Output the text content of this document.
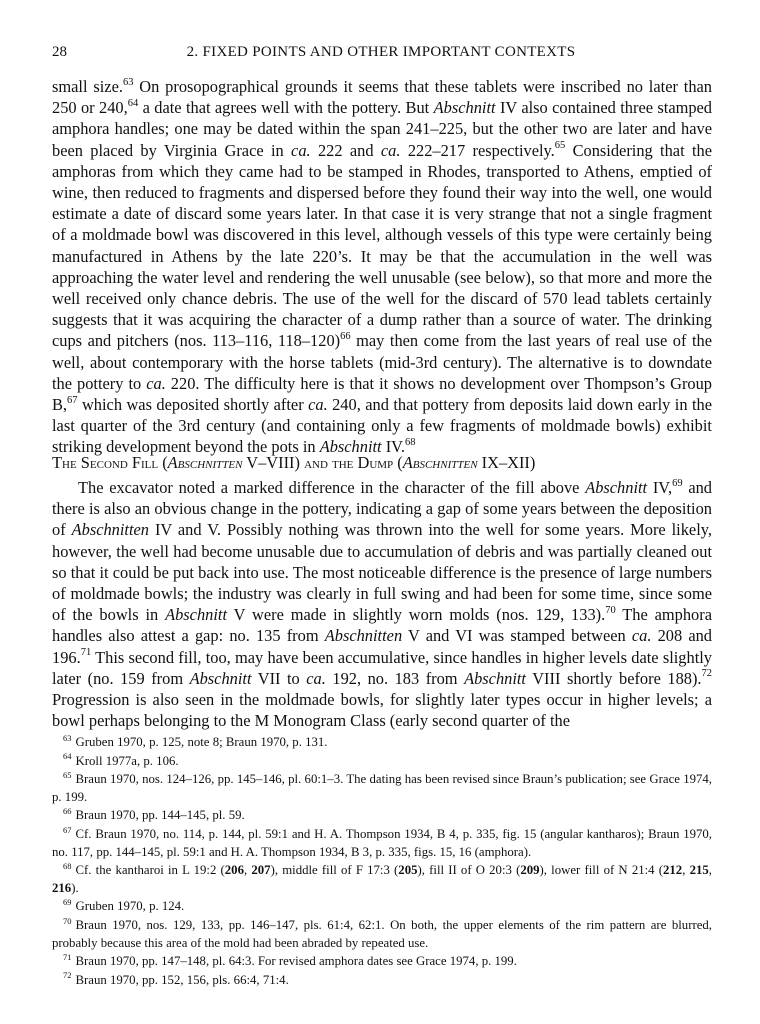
28	2. FIXED POINTS AND OTHER IMPORTANT CONTEXTS

small size.$^{63}$ On prosopographical grounds it seems that these tablets were inscribed no later than 250 or 240,64 a date that agrees well with the pottery. But Abschnitt IV also contained three stamped amphora handles; one may be dated within the span 241–225, but the other two are later and have been placed by Virginia Grace in ca. 222 and ca. 222–217 respectively.$^{65}$ Considering that the amphoras from which they came had to be stamped in Rhodes, transported to Athens, emptied of wine, then reduced to fragments and dispersed before they found their way into the well, one would estimate a date of discard some years later. In that case it is very strange that not a single fragment of a moldmade bowl was discovered in this level, although vessels of this type were certainly being manufactured in Athens by the late 220’s. It may be that the accumulation in the well was approaching the water level and rendering the well unusable (see below), so that more and more the well received only chance debris. The use of the well for the discard of 570 lead tablets certainly suggests that it was acquiring the character of a dump rather than a source of water. The drinking cups and pitchers (nos. 113–116, 118–120)$^{66}$ may then come from the last years of real use of the well, about contemporary with the horse tablets (mid-3rd century). The alternative is to downdate the pottery to ca. 220. The difficulty here is that it shows no development over Thompson’s Group B,$^{67}$ which was deposited shortly after ca. 240, and that pottery from deposits laid down early in the last quarter of the 3rd century (and containing only a few fragments of moldmade bowls) exhibit striking development beyond the pots in Abschnitt IV.$^{68}$

The Second Fill (Abschnitten V–VIII) and the Dump (Abschnitten IX–XII)

The excavator noted a marked difference in the character of the fill above Abschnitt IV,$^{69}$ and there is also an obvious change in the pottery, indicating a gap of some years between the deposition of Abschnitten IV and V. Possibly nothing was thrown into the well for some years. More likely, however, the well had become unusable due to accumulation of debris and was partially cleaned out so that it could be put back into use. The most noticeable difference is the presence of large numbers of moldmade bowls; the industry was clearly in full swing and had been for some time, since some of the bowls in Abschnitt V were made in slightly worn molds (nos. 129, 133).$^{70}$ The amphora handles also attest a gap: no. 135 from Abschnitten V and VI was stamped between ca. 208 and 196.71 This second fill, too, may have been accumulative, since handles in higher levels date slightly later (no. 159 from Abschnitt VII to ca. 192, no. 183 from Abschnitt VIII shortly before 188).$^{72}$ Progression is also seen in the moldmade bowls, for slightly later types occur in higher levels; a bowl perhaps belonging to the M Monogram Class (early second quarter of the

$^{63}$ Gruben 1970, p. 125, note 8; Braun 1970, p. 131.

$^{64}$ Kroll 1977a, p. 106.

$^{65}$ Braun 1970, nos. 124–126, pp. 145–146, pl. 60:1–3. The dating has been revised since Braun’s publication; see Grace 1974, p. 199.

$^{66}$ Braun 1970, pp. 144–145, pl. 59.

$^{67}$ Cf. Braun 1970, no. 114, p. 144, pl. 59:1 and H. A. Thompson 1934, B 4, p. 335, fig. 15 (angular kantharos); Braun 1970, no. 117, pp. 144–145, pl. 59:1 and H. A. Thompson 1934, B 3, p. 335, figs. 15, 16 (amphora).

$^{68}$ Cf. the kantharoi in L 19:2 (206, 207), middle fill of F 17:3 (205), fill II of O 20:3 (209), lower fill of N 21:4 (212, 215, 216).

$^{69}$ Gruben 1970, p. 124.

$^{70}$ Braun 1970, nos. 129, 133, pp. 146–147, pls. 61:4, 62:1. On both, the upper elements of the rim pattern are blurred, probably because this area of the mold had been abraded by repeated use.

$^{71}$ Braun 1970, pp. 147–148, pl. 64:3. For revised amphora dates see Grace 1974, p. 199.

$^{72}$ Braun 1970, pp. 152, 156, pls. 66:4, 71:4.
